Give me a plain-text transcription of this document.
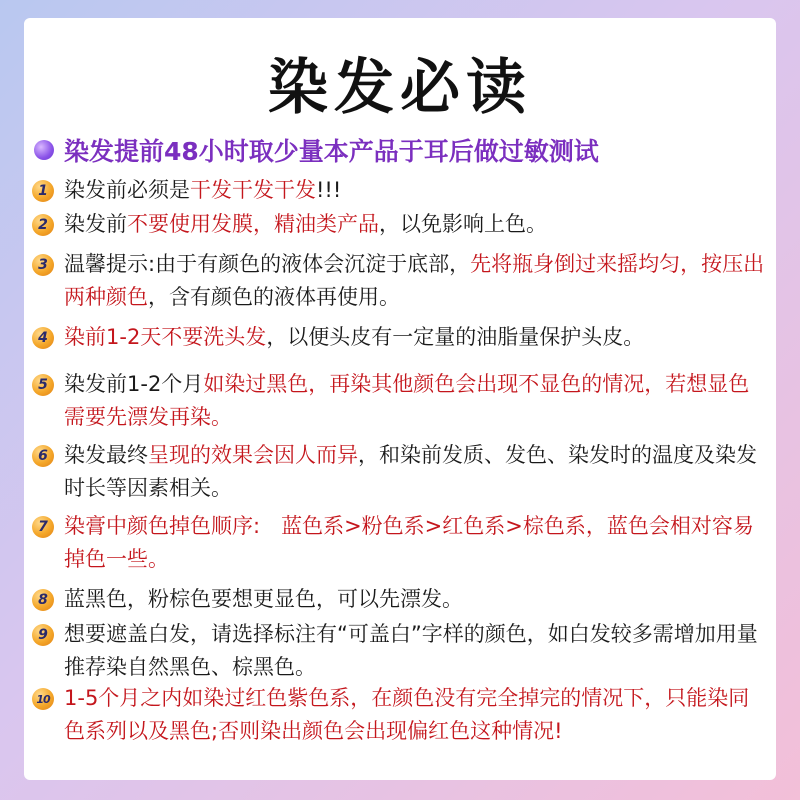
染发必读
染发提前48小时取少量本产品于耳后做过敏测试
1 染发前必须是干发干发干发!!!
2 染发前不要使用发膜，精油类产品，以免影响上色。
3 温馨提示:由于有颜色的液体会沉淀于底部，先将瓶身倒过来摇均匀，按压出两种颜色，含有颜色的液体再使用。
4 染前1-2天不要洗头发，以便头皮有一定量的油脂量保护头皮。
5 染发前1-2个月如染过黑色，再染其他颜色会出现不显色的情况，若想显色需要先漂发再染。
6 染发最终呈现的效果会因人而异，和染前发质、发色、染发时的温度及染发时长等因素相关。
7 染膏中颜色掉色顺序:　蓝色系>粉色系>红色系>棕色系，蓝色会相对容易掉色一些。
8 蓝黑色，粉棕色要想更显色，可以先漂发。
9 想要遮盖白发，请选择标注有“可盖白”字样的颜色，如白发较多需增加用量推荐染自然黑色、棕黑色。
10 1-5个月之内如染过红色紫色系，在颜色没有完全掉完的情况下，只能染同色系列以及黑色;否则染出颜色会出现偏红色这种情况!
